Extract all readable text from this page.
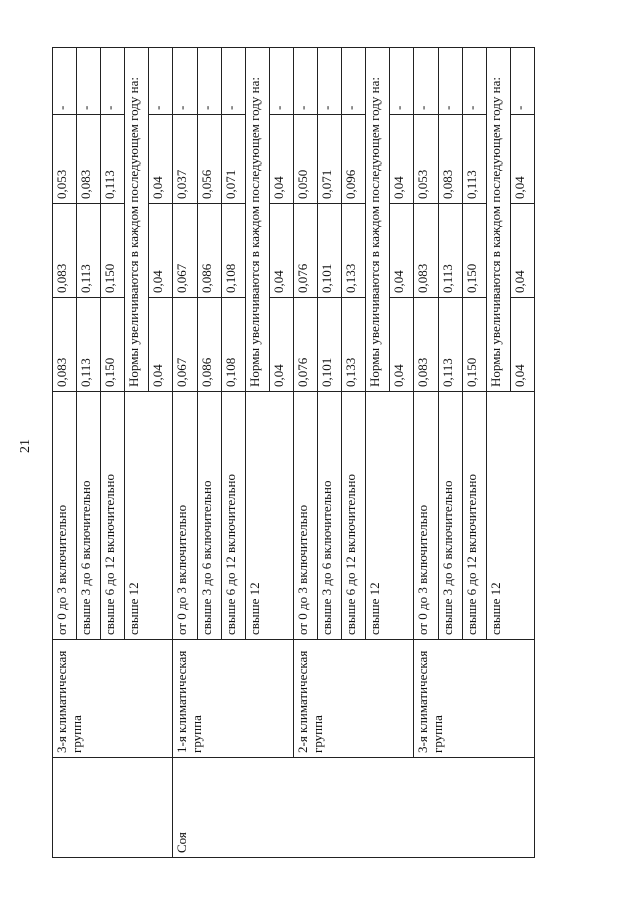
21
	3-я климатическая группа	от 0 до 3 включительно	0,083	0,083	0,053	-
		свыше 3 до 6 включительно	0,113	0,113	0,083	-
		свыше 6 до 12 включительно	0,150	0,150	0,113	-
		свыше 12	Нормы увеличиваются в каждом последующем году на:			
			0,04	0,04	0,04	-
Соя	1-я климатическая группа	от 0 до 3 включительно	0,067	0,067	0,037	-
		свыше 3 до 6 включительно	0,086	0,086	0,056	-
		свыше 6 до 12 включительно	0,108	0,108	0,071	-
		свыше 12	Нормы увеличиваются в каждом последующем году на:			
			0,04	0,04	0,04	-
	2-я климатическая группа	от 0 до 3 включительно	0,076	0,076	0,050	-
		свыше 3 до 6 включительно	0,101	0,101	0,071	-
		свыше 6 до 12 включительно	0,133	0,133	0,096	-
		свыше 12	Нормы увеличиваются в каждом последующем году на:			
			0,04	0,04	0,04	-
	3-я климатическая группа	от 0 до 3 включительно	0,083	0,083	0,053	-
		свыше 3 до 6 включительно	0,113	0,113	0,083	-
		свыше 6 до 12 включительно	0,150	0,150	0,113	-
		свыше 12	Нормы увеличиваются в каждом последующем году на:			
			0,04	0,04	0,04	-
